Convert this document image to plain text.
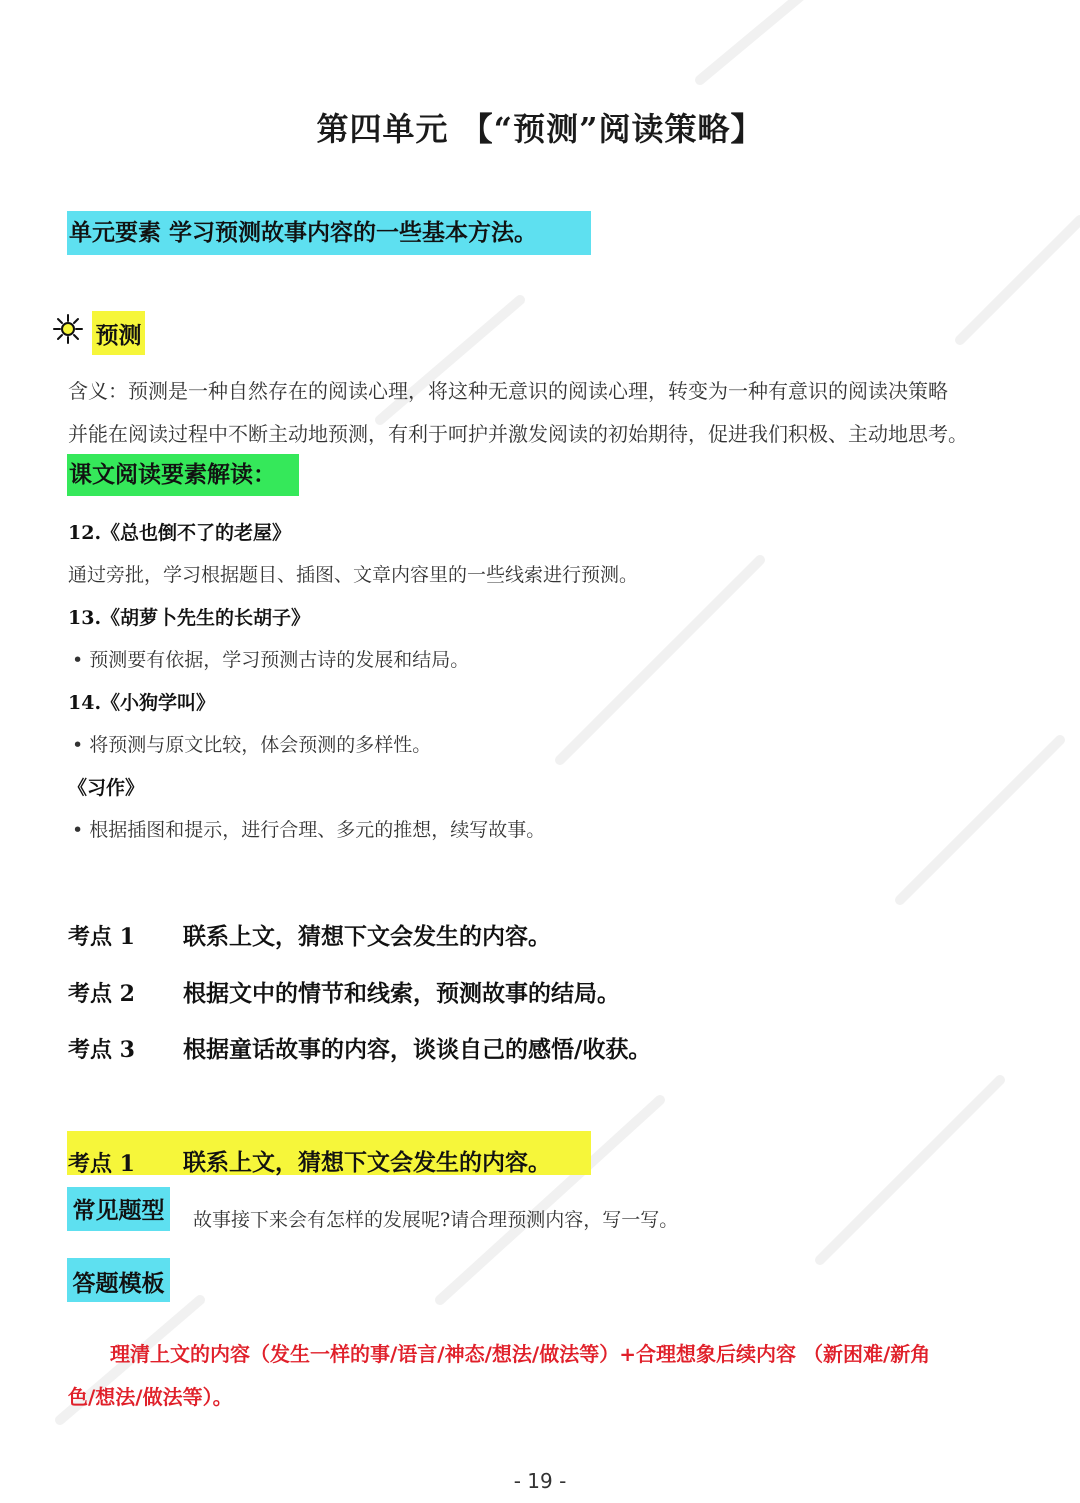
第四单元 【“预测”阅读策略】
单元要素 学习预测故事内容的一些基本方法。
预测
含义：预测是一种自然存在的阅读心理，将这种无意识的阅读心理，转变为一种有意识的阅读决策略
并能在阅读过程中不断主动地预测，有利于呵护并激发阅读的初始期待，促进我们积极、主动地思考。
课文阅读要素解读：
12.《总也倒不了的老屋》
通过旁批，学习根据题目、插图、文章内容里的一些线索进行预测。
13.《胡萝卜先生的长胡子》
• 预测要有依据，学习预测古诗的发展和结局。
14.《小狗学叫》
• 将预测与原文比较，体会预测的多样性。
《习作》
• 根据插图和提示，进行合理、多元的推想，续写故事。
考点 1 联系上文，猜想下文会发生的内容。
考点 2 根据文中的情节和线索，预测故事的结局。
考点 3 根据童话故事的内容，谈谈自己的感悟/收获。
考点 1 联系上文，猜想下文会发生的内容。
常见题型 故事接下来会有怎样的发展呢?请合理预测内容，写一写。
答题模板
理清上文的内容（发生一样的事/语言/神态/想法/做法等）+合理想象后续内容 （新困难/新角
色/想法/做法等）。
- 19 -
